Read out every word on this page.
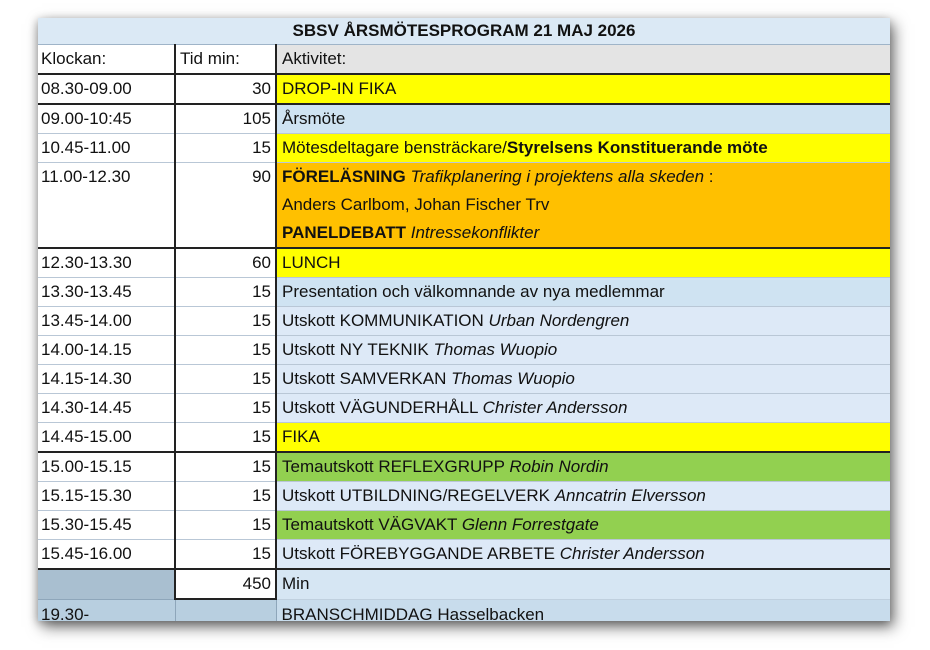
SBSV ÅRSMÖTESPROGRAM 21 MAJ 2026		
Klockan:	Tid min:	Aktivitet:
08.30-09.00	30	DROP-IN FIKA
09.00-10:45	105	Årsmöte
10.45-11.00	15	Mötesdeltagare bensträckare/Styrelsens Konstituerande möte
11.00-12.30	90	FÖRELÄSNING Trafikplanering i projektens alla skeden :
Anders Carlbom, Johan Fischer Trv
PANELDEBATT Intressekonflikter

12.30-13.30	60	LUNCH
13.30-13.45	15	Presentation och välkomnande av nya medlemmar
13.45-14.00	15	Utskott KOMMUNIKATION Urban Nordengren
14.00-14.15	15	Utskott NY TEKNIK Thomas Wuopio
14.15-14.30	15	Utskott SAMVERKAN Thomas Wuopio
14.30-14.45	15	Utskott VÄGUNDERHÅLL Christer Andersson
14.45-15.00	15	FIKA
15.00-15.15	15	Temautskott REFLEXGRUPP Robin Nordin
15.15-15.30	15	Utskott UTBILDNING/REGELVERK Anncatrin Elversson
15.30-15.45	15	Temautskott VÄGVAKT Glenn Forrestgate
15.45-16.00	15	Utskott FÖREBYGGANDE ARBETE Christer Andersson
	450	Min
19.30-		BRANSCHMIDDAG Hasselbacken
